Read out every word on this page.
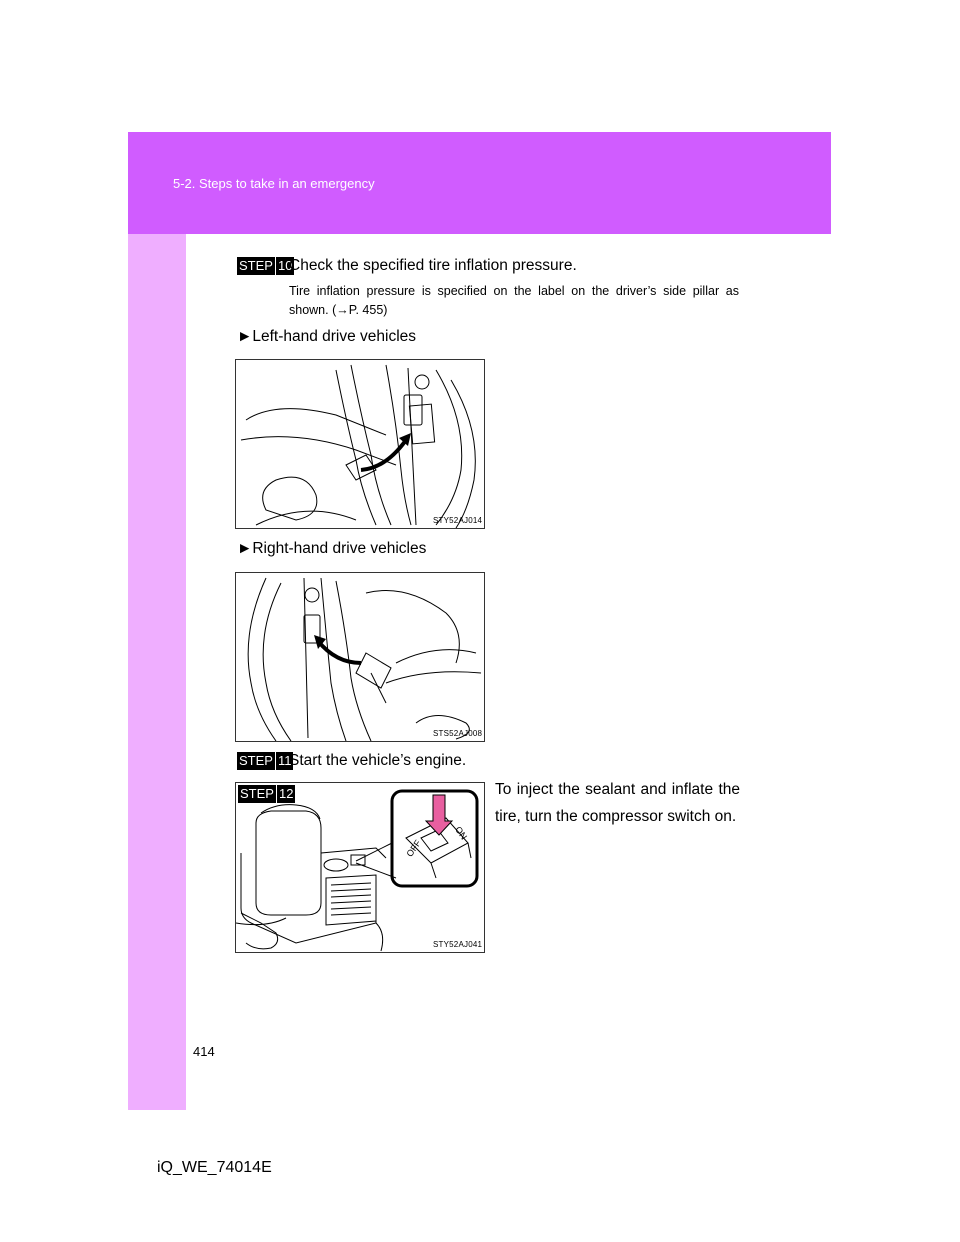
5-2. Steps to take in an emergency
STEP 10
Check the specified tire inflation pressure.
Tire inflation pressure is specified on the label on the driver’s side pillar as shown. (→P. 455)
►Left-hand drive vehicles
STY52AJ014
►Right-hand drive vehicles
STS52AJ008
STEP 11
Start the vehicle’s engine.
OFF
ON
STEP 12
STY52AJ041
To inject the sealant and inflate the tire, turn the compressor switch on.
414
iQ_WE_74014E
